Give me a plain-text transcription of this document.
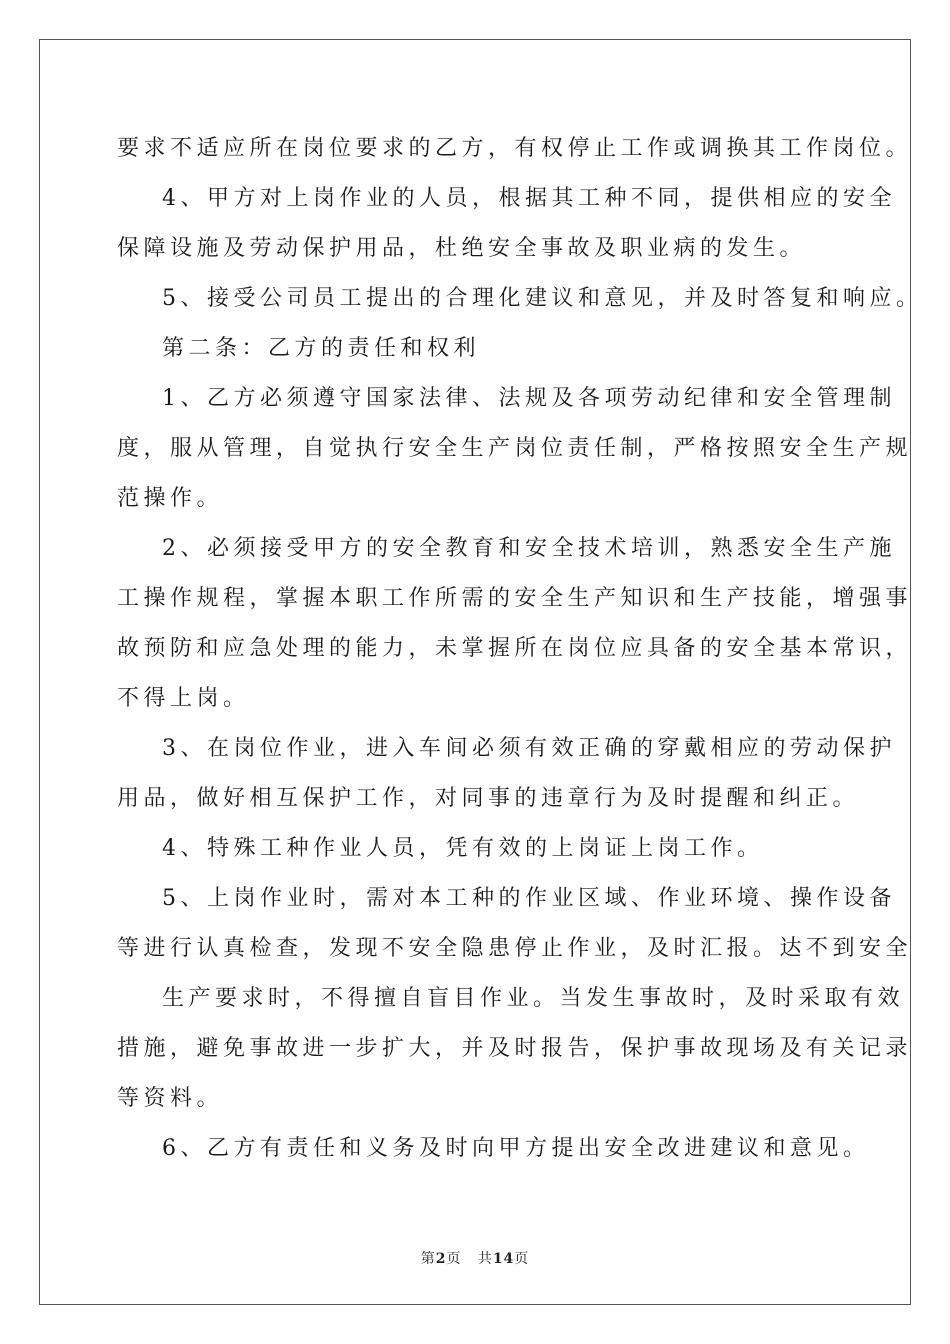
要求不适应所在岗位要求的乙方，有权停止工作或调换其工作岗位。
4、甲方对上岗作业的人员，根据其工种不同，提供相应的安全
保障设施及劳动保护用品，杜绝安全事故及职业病的发生。
5、接受公司员工提出的合理化建议和意见，并及时答复和响应。
第二条：乙方的责任和权利
1、乙方必须遵守国家法律、法规及各项劳动纪律和安全管理制
度，服从管理，自觉执行安全生产岗位责任制，严格按照安全生产规
范操作。
2、必须接受甲方的安全教育和安全技术培训，熟悉安全生产施
工操作规程，掌握本职工作所需的安全生产知识和生产技能，增强事
故预防和应急处理的能力，未掌握所在岗位应具备的安全基本常识，
不得上岗。
3、在岗位作业，进入车间必须有效正确的穿戴相应的劳动保护
用品，做好相互保护工作，对同事的违章行为及时提醒和纠正。
4、特殊工种作业人员，凭有效的上岗证上岗工作。
5、上岗作业时，需对本工种的作业区域、作业环境、操作设备
等进行认真检查，发现不安全隐患停止作业，及时汇报。达不到安全
生产要求时，不得擅自盲目作业。当发生事故时，及时采取有效
措施，避免事故进一步扩大，并及时报告，保护事故现场及有关记录
等资料。
6、乙方有责任和义务及时向甲方提出安全改进建议和意见。
第2页 共14页
